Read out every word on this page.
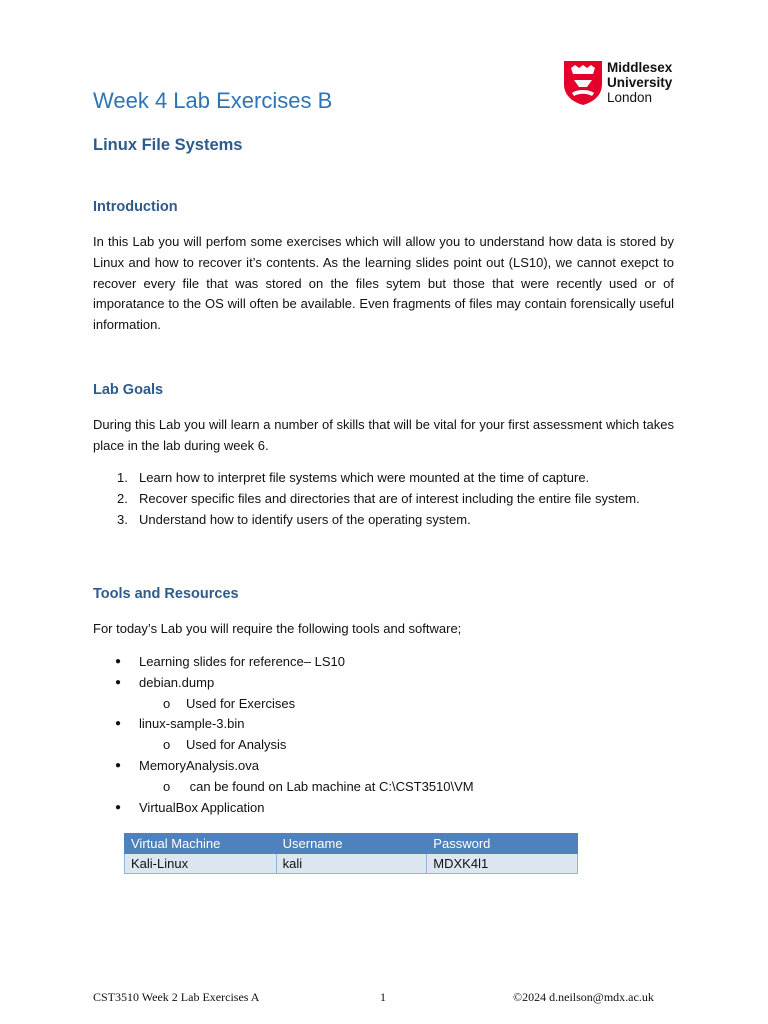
Middlesex
University
London
Week 4 Lab Exercises B
Linux File Systems
Introduction
In this Lab you will perfom some exercises which will allow you to understand how data is stored by Linux and how to recover it’s contents. As the learning slides point out (LS10), we cannot exepct to recover every file that was stored on the files sytem but those that were recently used or of imporatance to the OS will often be available. Even fragments of files may contain forensically useful information.
Lab Goals
During this Lab you will learn a number of skills that will be vital for your first assessment which takes place in the lab during week 6.
1. Learn how to interpret file systems which were mounted at the time of capture.
2. Recover specific files and directories that are of interest including the entire file system.
3. Understand how to identify users of the operating system.
Tools and Resources
For today’s Lab you will require the following tools and software;
● Learning slides for reference– LS10
● debian.dump
o Used for Exercises
● linux-sample-3.bin
o Used for Analysis
● MemoryAnalysis.ova
o can be found on Lab machine at C:\CST3510\VM
● VirtualBox Application
Virtual Machine	Username	Password
Kali-Linux	kali	MDXK4l1
CST3510 Week 2 Lab Exercises A	1	©2024 d.neilson@mdx.ac.uk
